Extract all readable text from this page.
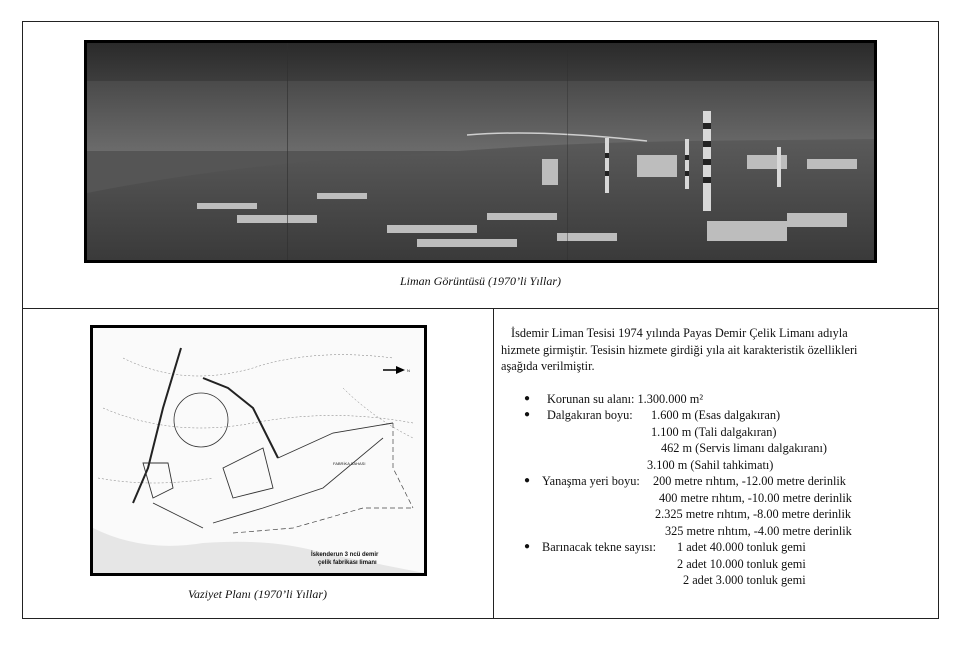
Liman Görüntüsü (1970’li Yıllar)
N
FABRİKA SAHASI
İskenderun 3 ncü demir
çelik fabrikası limanı
Vaziyet Planı (1970’li Yıllar)

İsdemir Liman Tesisi 1974 yılında Payas Demir Çelik Limanı adıyla

hizmete girmiştir. Tesisin hizmete girdiği yıla ait karakteristik özellikleri

aşağıda verilmiştir.

● Korunan su alanı: 1.300.000 m²
● Dalgakıran boyu: 1.600 m (Esas dalgakıran)
1.100 m (Tali dalgakıran)
462 m (Servis limanı dalgakıranı)
3.100 m (Sahil tahkimatı)
● Yanaşma yeri boyu: 200 metre rıhtım, -12.00 metre derinlik
400 metre rıhtım, -10.00 metre derinlik
2.325 metre rıhtım, -8.00 metre derinlik
325 metre rıhtım, -4.00 metre derinlik
● Barınacak tekne sayısı: 1 adet 40.000 tonluk gemi
2 adet 10.000 tonluk gemi
2 adet 3.000 tonluk gemi
